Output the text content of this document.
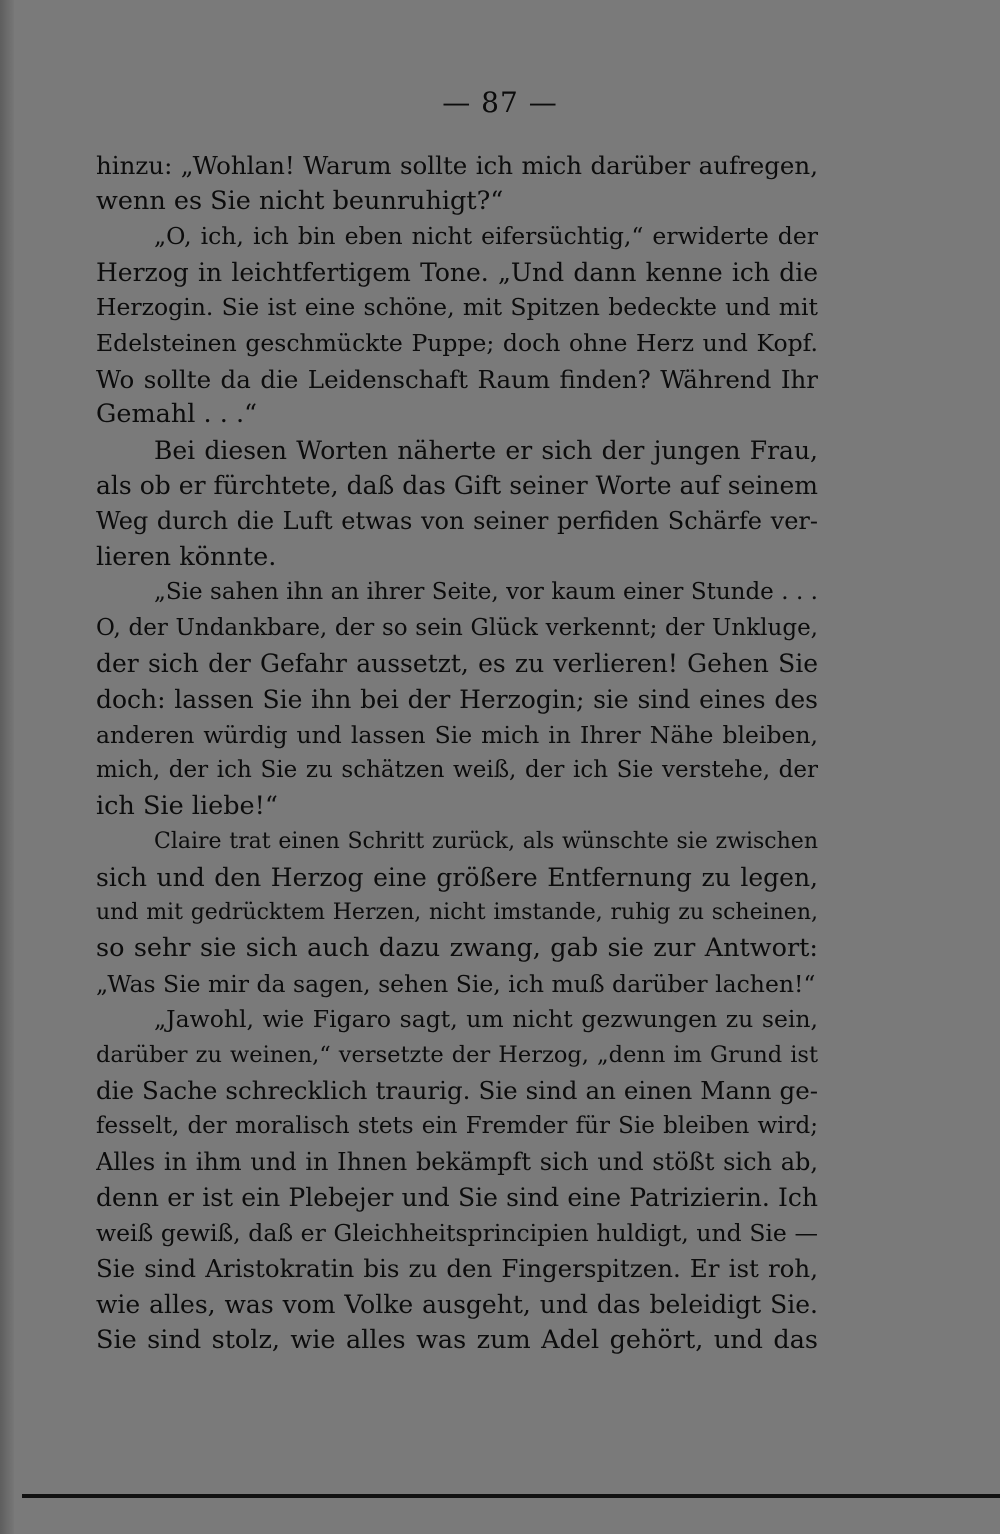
— 87 —
hinzu: „Wohlan! Warum sollte ich mich darüber aufregen,
wenn es Sie nicht beunruhigt?“
„O, ich, ich bin eben nicht eifersüchtig,“ erwiderte der
Herzog in leichtfertigem Tone. „Und dann kenne ich die
Herzogin. Sie ist eine schöne, mit Spitzen bedeckte und mit
Edelsteinen geschmückte Puppe; doch ohne Herz und Kopf.
Wo sollte da die Leidenschaft Raum finden? Während Ihr
Gemahl . . .“
Bei diesen Worten näherte er sich der jungen Frau,
als ob er fürchtete, daß das Gift seiner Worte auf seinem
Weg durch die Luft etwas von seiner perfiden Schärfe ver-
lieren könnte.
„Sie sahen ihn an ihrer Seite, vor kaum einer Stunde . . .
O, der Undankbare, der so sein Glück verkennt; der Unkluge,
der sich der Gefahr aussetzt, es zu verlieren! Gehen Sie
doch: lassen Sie ihn bei der Herzogin; sie sind eines des
anderen würdig und lassen Sie mich in Ihrer Nähe bleiben,
mich, der ich Sie zu schätzen weiß, der ich Sie verstehe, der
ich Sie liebe!“
Claire trat einen Schritt zurück, als wünschte sie zwischen
sich und den Herzog eine größere Entfernung zu legen,
und mit gedrücktem Herzen, nicht imstande, ruhig zu scheinen,
so sehr sie sich auch dazu zwang, gab sie zur Antwort:
„Was Sie mir da sagen, sehen Sie, ich muß darüber lachen!“
„Jawohl, wie Figaro sagt, um nicht gezwungen zu sein,
darüber zu weinen,“ versetzte der Herzog, „denn im Grund ist
die Sache schrecklich traurig. Sie sind an einen Mann ge-
fesselt, der moralisch stets ein Fremder für Sie bleiben wird;
Alles in ihm und in Ihnen bekämpft sich und stößt sich ab,
denn er ist ein Plebejer und Sie sind eine Patrizierin. Ich
weiß gewiß, daß er Gleichheitsprincipien huldigt, und Sie —
Sie sind Aristokratin bis zu den Fingerspitzen. Er ist roh,
wie alles, was vom Volke ausgeht, und das beleidigt Sie.
Sie sind stolz, wie alles was zum Adel gehört, und das
